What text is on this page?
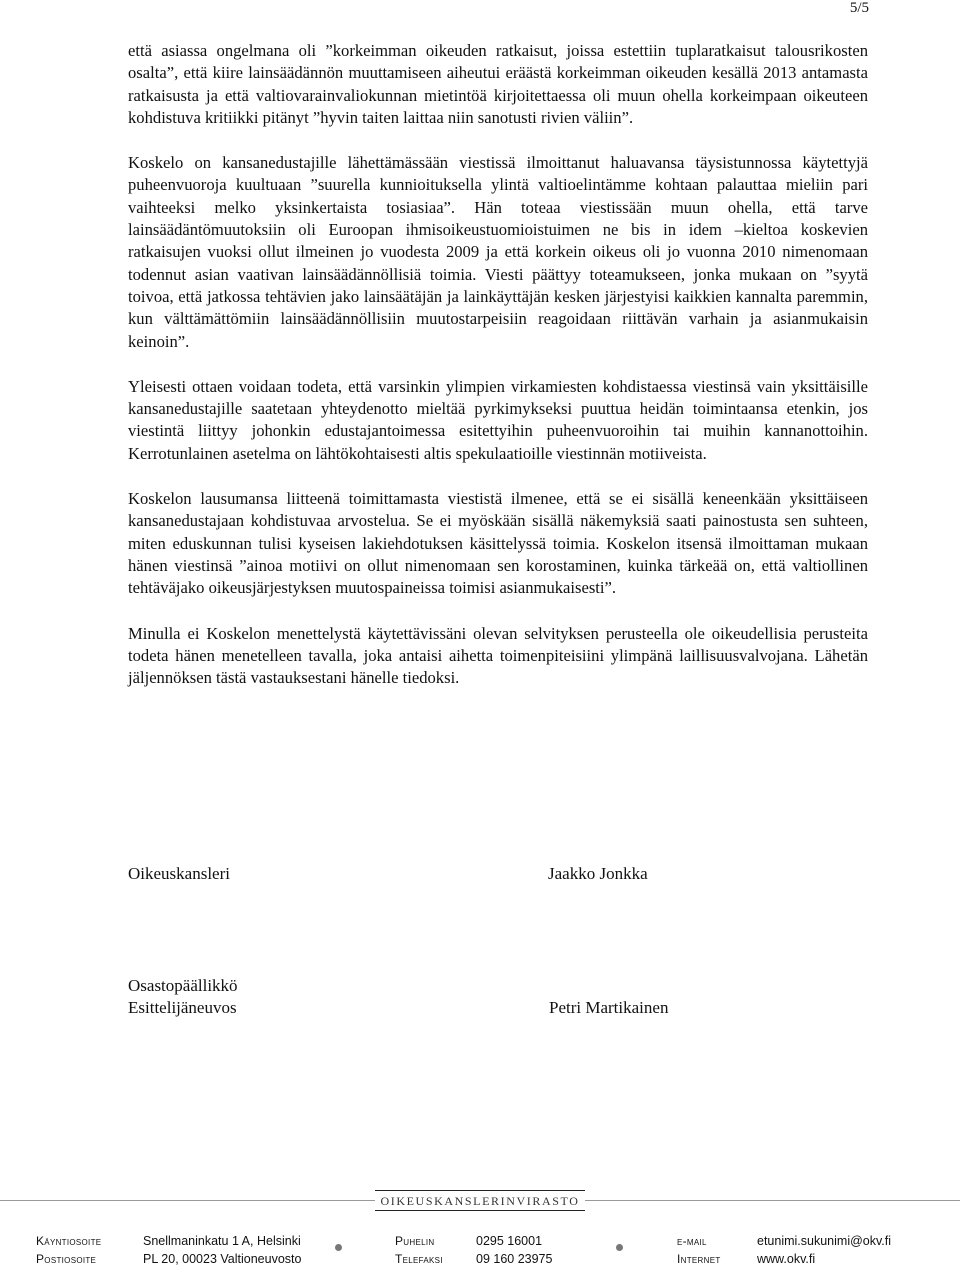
5/5

että asiassa ongelmana oli ”korkeimman oikeuden ratkaisut, joissa estettiin tuplaratkaisut talousrikosten osalta”, että kiire lainsäädännön muuttamiseen aiheutui eräästä korkeimman oikeuden kesällä 2013 antamasta ratkaisusta ja että valtiovarainvaliokunnan mietintöä kirjoitettaessa oli muun ohella korkeimpaan oikeuteen kohdistuva kritiikki pitänyt ”hyvin taiten laittaa niin sanotusti rivien väliin”.

Koskelo on kansanedustajille lähettämässään viestissä ilmoittanut haluavansa täysistunnossa käytettyjä puheenvuoroja kuultuaan ”suurella kunnioituksella ylintä valtioelintämme kohtaan palauttaa mieliin pari vaihteeksi melko yksinkertaista tosiasiaa”. Hän toteaa viestissään muun ohella, että tarve lainsäädäntömuutoksiin oli Euroopan ihmisoikeustuomioistuimen ne bis in idem –kieltoa koskevien ratkaisujen vuoksi ollut ilmeinen jo vuodesta 2009 ja että korkein oikeus oli jo vuonna 2010 nimenomaan todennut asian vaativan lainsäädännöllisiä toimia. Viesti päättyy toteamukseen, jonka mukaan on ”syytä toivoa, että jatkossa tehtävien jako lainsäätäjän ja lainkäyttäjän kesken järjestyisi kaikkien kannalta paremmin, kun välttämättömiin lainsäädännöllisiin muutostarpeisiin reagoidaan riittävän varhain ja asianmukaisin keinoin”.

Yleisesti ottaen voidaan todeta, että varsinkin ylimpien virkamiesten kohdistaessa viestinsä vain yksittäisille kansanedustajille saatetaan yhteydenotto mieltää pyrkimykseksi puuttua heidän toimintaansa etenkin, jos viestintä liittyy johonkin edustajantoimessa esitettyihin puheenvuoroihin tai muihin kannanottoihin. Kerrotunlainen asetelma on lähtökohtaisesti altis spekulaatioille viestinnän motiiveista.

Koskelon lausumansa liitteenä toimittamasta viestistä ilmenee, että se ei sisällä keneenkään yksittäiseen kansanedustajaan kohdistuvaa arvostelua. Se ei myöskään sisällä näkemyksiä saati painostusta sen suhteen, miten eduskunnan tulisi kyseisen lakiehdotuksen käsittelyssä toimia. Koskelon itsensä ilmoittaman mukaan hänen viestinsä ”ainoa motiivi on ollut nimenomaan sen korostaminen, kuinka tärkeää on, että valtiollinen tehtäväjako oikeusjärjestyksen muutospaineissa toimisi asianmukaisesti”.

Minulla ei Koskelon menettelystä käytettävissäni olevan selvityksen perusteella ole oikeudellisia perusteita todeta hänen menetelleen tavalla, joka antaisi aihetta toimenpiteisiini ylimpänä laillisuusvalvojana. Lähetän jäljennöksen tästä vastauksestani hänelle tiedoksi.

Oikeuskansleri	Jaakko Jonkka
Osastopäällikkö
Esittelijäneuvos	Petri Martikainen
OIKEUSKANSLERINVIRASTO
Käyntiosoite	Snellmaninkatu 1 A, Helsinki	Puhelin	0295 16001	e-mail	etunimi.sukunimi@okv.fi
Postiosoite	PL 20, 00023 Valtioneuvosto	Telefaksi	09 160 23975	Internet	www.okv.fi
